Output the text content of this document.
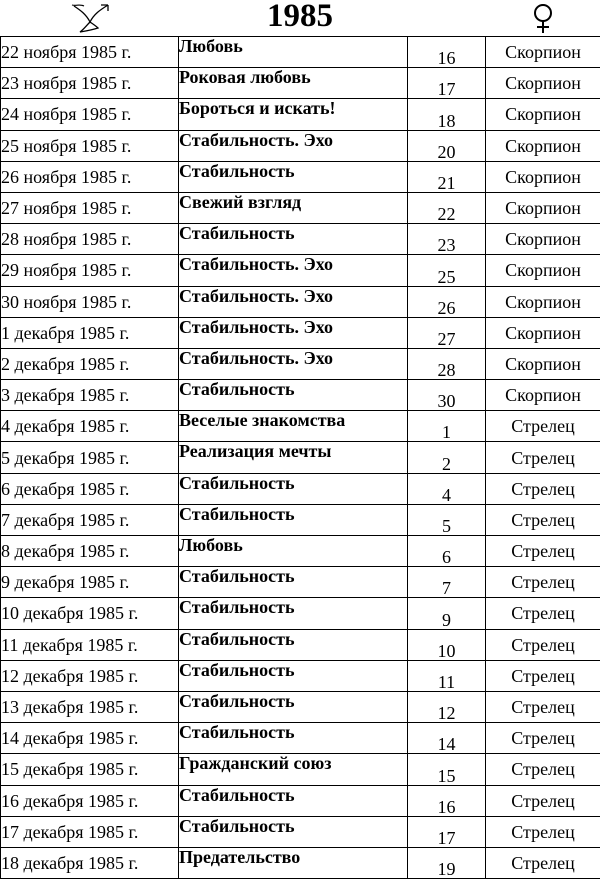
1985
22 ноября 1985 г.	Любовь	16	Скорпион
23 ноября 1985 г.	Роковая любовь	17	Скорпион
24 ноября 1985 г.	Бороться и искать!	18	Скорпион
25 ноября 1985 г.	Стабильность. Эхо	20	Скорпион
26 ноября 1985 г.	Стабильность	21	Скорпион
27 ноября 1985 г.	Свежий взгляд	22	Скорпион
28 ноября 1985 г.	Стабильность	23	Скорпион
29 ноября 1985 г.	Стабильность. Эхо	25	Скорпион
30 ноября 1985 г.	Стабильность. Эхо	26	Скорпион
1 декабря 1985 г.	Стабильность. Эхо	27	Скорпион
2 декабря 1985 г.	Стабильность. Эхо	28	Скорпион
3 декабря 1985 г.	Стабильность	30	Скорпион
4 декабря 1985 г.	Веселые знакомства	1	Стрелец
5 декабря 1985 г.	Реализация мечты	2	Стрелец
6 декабря 1985 г.	Стабильность	4	Стрелец
7 декабря 1985 г.	Стабильность	5	Стрелец
8 декабря 1985 г.	Любовь	6	Стрелец
9 декабря 1985 г.	Стабильность	7	Стрелец
10 декабря 1985 г.	Стабильность	9	Стрелец
11 декабря 1985 г.	Стабильность	10	Стрелец
12 декабря 1985 г.	Стабильность	11	Стрелец
13 декабря 1985 г.	Стабильность	12	Стрелец
14 декабря 1985 г.	Стабильность	14	Стрелец
15 декабря 1985 г.	Гражданский союз	15	Стрелец
16 декабря 1985 г.	Стабильность	16	Стрелец
17 декабря 1985 г.	Стабильность	17	Стрелец
18 декабря 1985 г.	Предательство	19	Стрелец
